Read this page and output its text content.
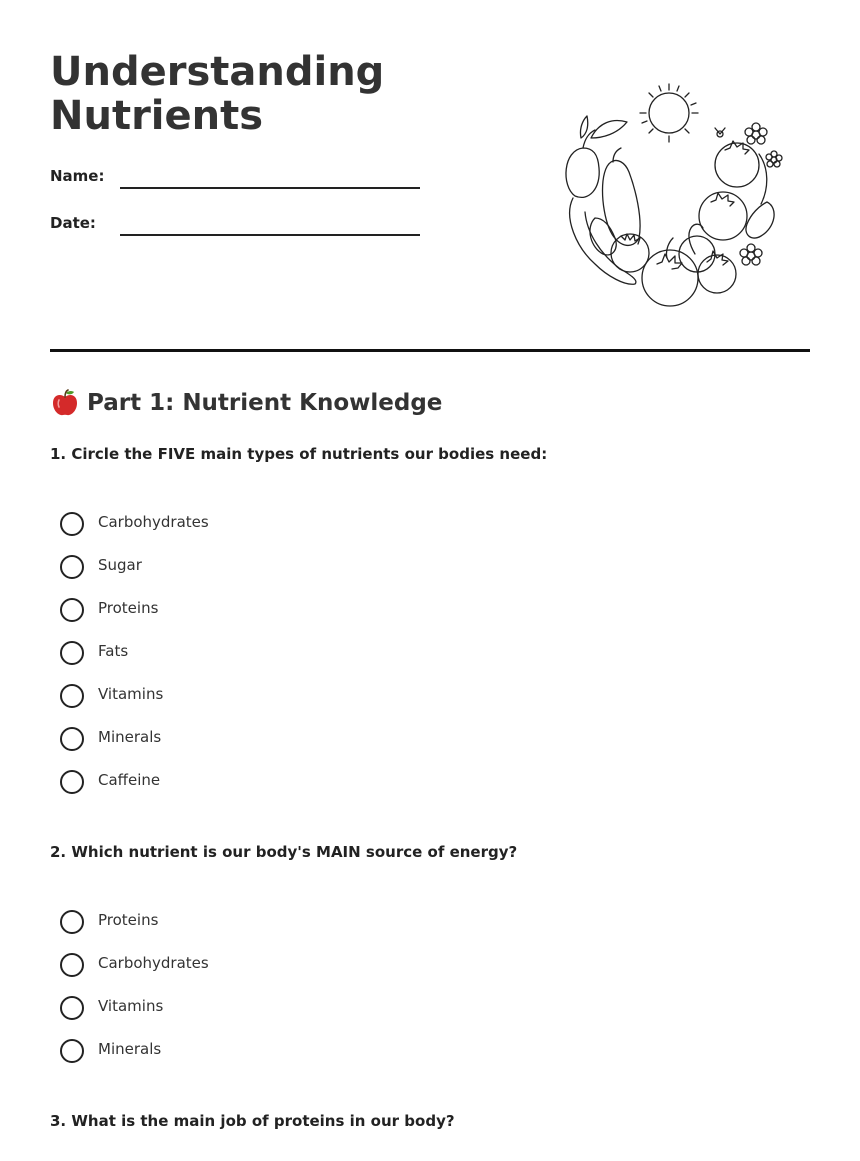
Understanding
Nutrients
Name:
Date:
Part 1: Nutrient Knowledge

1. Circle the FIVE main types of nutrients our bodies need:

Carbohydrates
Sugar
Proteins
Fats
Vitamins
Minerals
Caffeine

2. Which nutrient is our body's MAIN source of energy?

Proteins
Carbohydrates
Vitamins
Minerals

3. What is the main job of proteins in our body?
